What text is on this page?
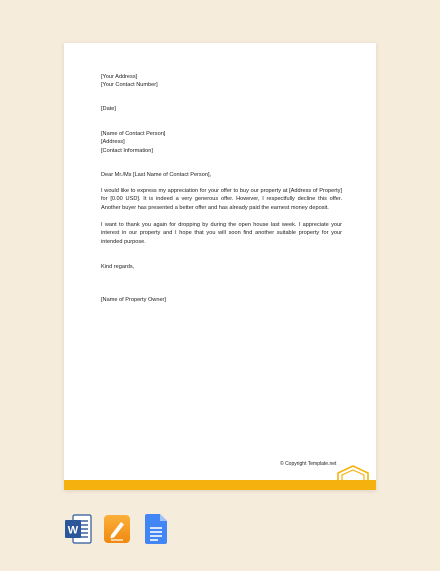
[Your Address]
[Your Contact Number]
[Date]
[Name of Contact Person]
[Address]
[Contact Information]
Dear Mr./Ms [Last Name of Contact Person],
I would like to express my appreciation for your offer to buy our property at [Address of Property] for [0.00 USD]. It is indeed a very generous offer. However, I respectfully decline this offer. Another buyer has presented a better offer and has already paid the earnest money deposit.
I want to thank you again for dropping by during the open house last week. I appreciate your interest in our property and I hope that you will soon find another suitable property for your intended purpose.
Kind regards,
[Name of Property Owner]
© Copyright Template.net
W
